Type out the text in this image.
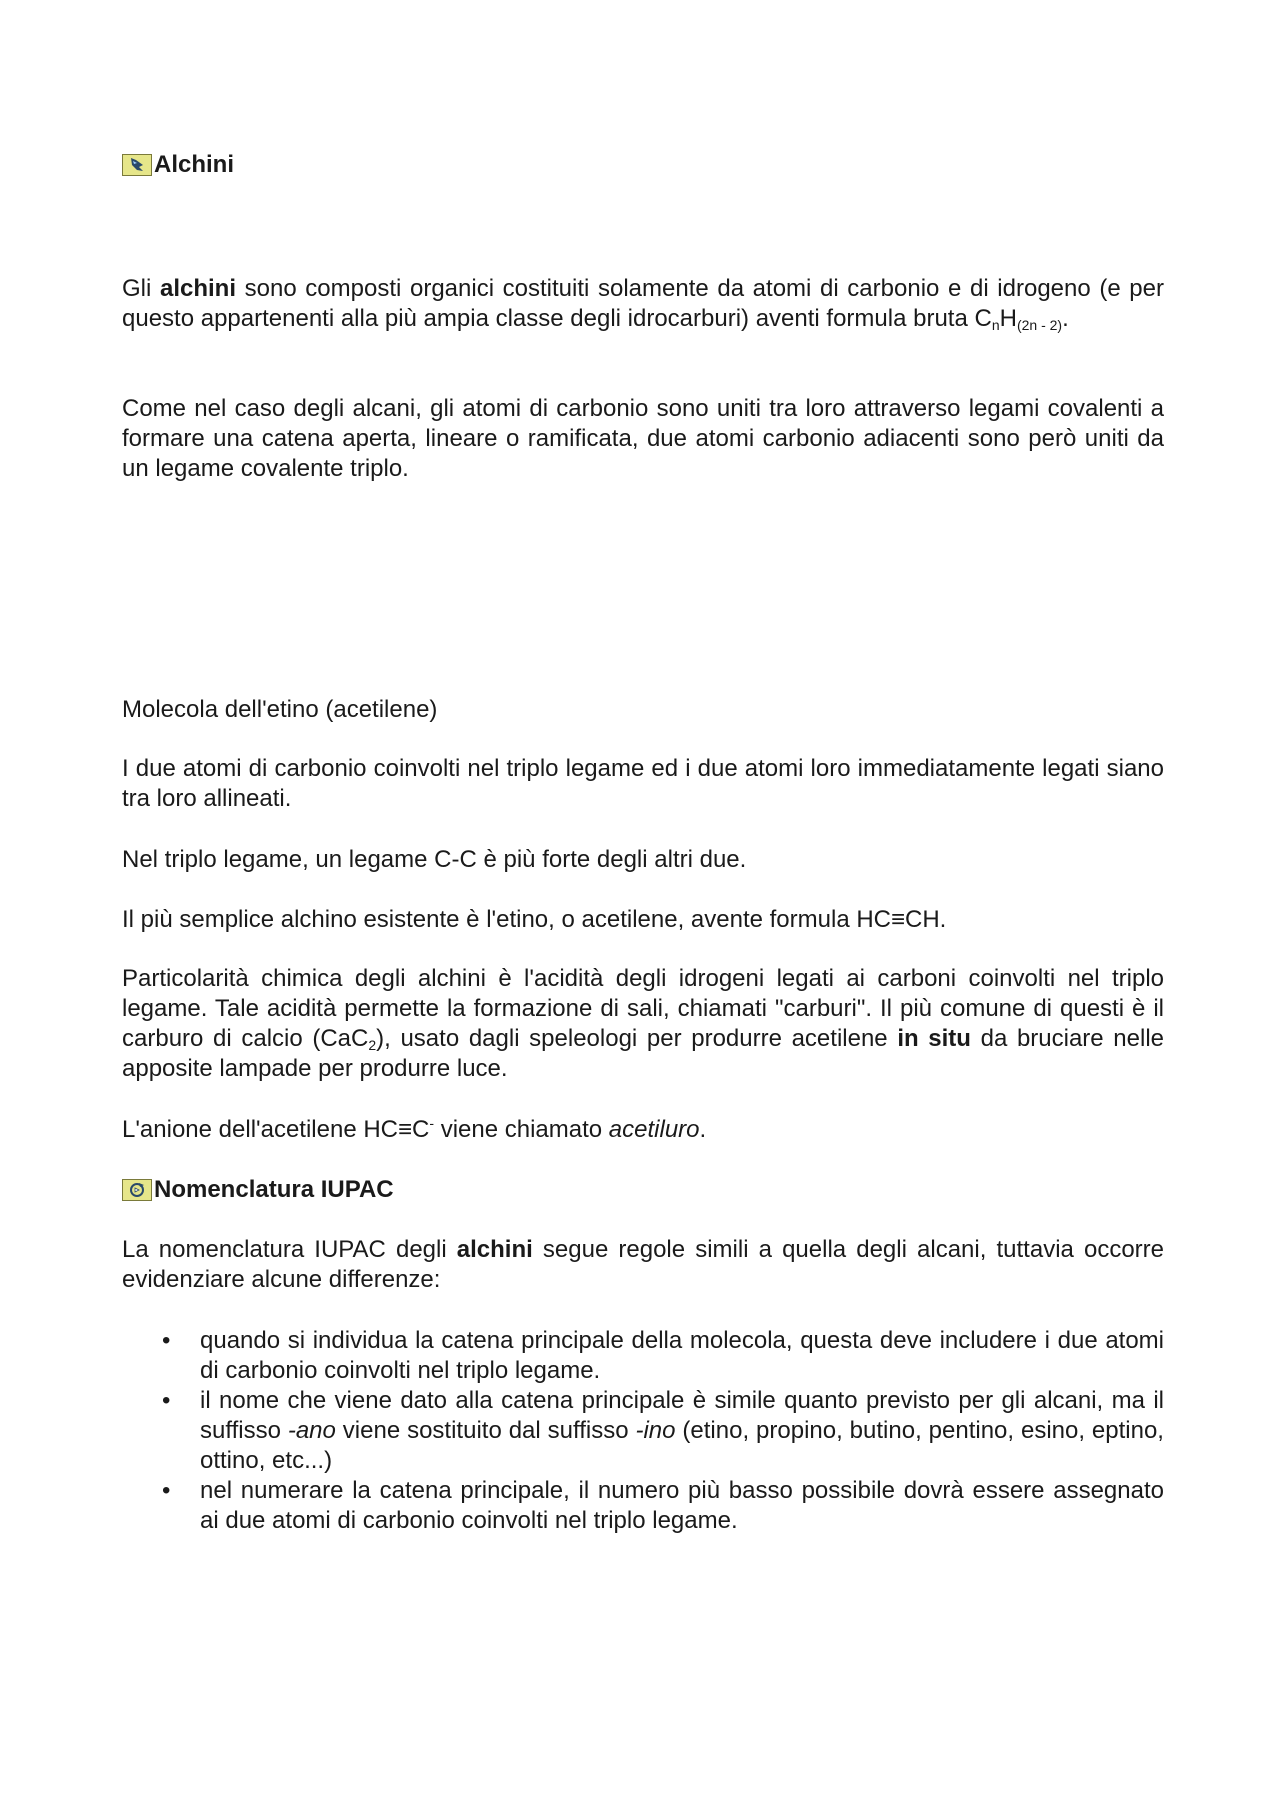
Alchini

Gli alchini sono composti organici costituiti solamente da atomi di carbonio e di idrogeno (e per questo appartenenti alla più ampia classe degli idrocarburi) aventi formula bruta $C_nH_{(2n - 2)}$.

Come nel caso degli alcani, gli atomi di carbonio sono uniti tra loro attraverso legami covalenti a formare una catena aperta, lineare o ramificata, due atomi carbonio adiacenti sono però uniti da un legame covalente triplo.

Molecola dell'etino (acetilene)

I due atomi di carbonio coinvolti nel triplo legame ed i due atomi loro immediatamente legati siano tra loro allineati.

Nel triplo legame, un legame C-C è più forte degli altri due.

Il più semplice alchino esistente è l'etino, o acetilene, avente formula HC≡CH.

Particolarità chimica degli alchini è l'acidità degli idrogeni legati ai carboni coinvolti nel triplo legame. Tale acidità permette la formazione di sali, chiamati "carburi". Il più comune di questi è il carburo di calcio (CaC$_2$), usato dagli speleologi per produrre acetilene in situ da bruciare nelle apposite lampade per produrre luce.

L'anione dell'acetilene HC≡C- viene chiamato acetiluro.

Nomenclatura IUPAC

La nomenclatura IUPAC degli alchini segue regole simili a quella degli alcani, tuttavia occorre evidenziare alcune differenze:

• quando si individua la catena principale della molecola, questa deve includere i due atomi di carbonio coinvolti nel triplo legame.
• il nome che viene dato alla catena principale è simile quanto previsto per gli alcani, ma il suffisso -ano viene sostituito dal suffisso -ino (etino, propino, butino, pentino, esino, eptino, ottino, etc...)
• nel numerare la catena principale, il numero più basso possibile dovrà essere assegnato ai due atomi di carbonio coinvolti nel triplo legame.
